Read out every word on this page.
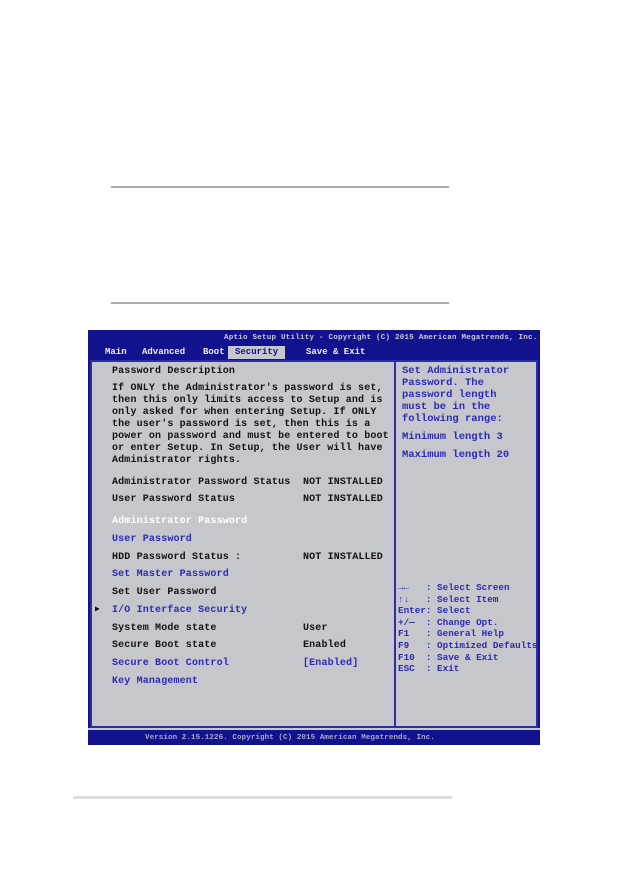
Aptio Setup Utility - Copyright (C) 2015 American Megatrends, Inc.
Main Advanced Boot	Security	Save & Exit
Password Description
If ONLY the Administrator's password is set,
then this only limits access to Setup and is
only asked for when entering Setup. If ONLY
the user's password is set, then this is a
power on password and must be entered to boot
or enter Setup. In Setup, the User will have
Administrator rights.
Administrator Password Status NOT INSTALLED
User Password Status	NOT INSTALLED
Administrator Password
User Password
HDD Password Status :	NOT INSTALLED
Set Master Password
Set User Password
▶ I/O Interface Security
System Mode state	User
Secure Boot state	Enabled
Secure Boot Control	[Enabled]
Key Management
Set Administrator
Password. The
password length
must be in the
following range:
Minimum length 3
Maximum length 20
→←   : Select Screen
↑↓   : Select Item
Enter: Select
+/—  : Change Opt.
F1   : General Help
F9   : Optimized Defaults
F10  : Save & Exit
ESC  : Exit
Version 2.15.1226. Copyright (C) 2015 American Megatrends, Inc.
